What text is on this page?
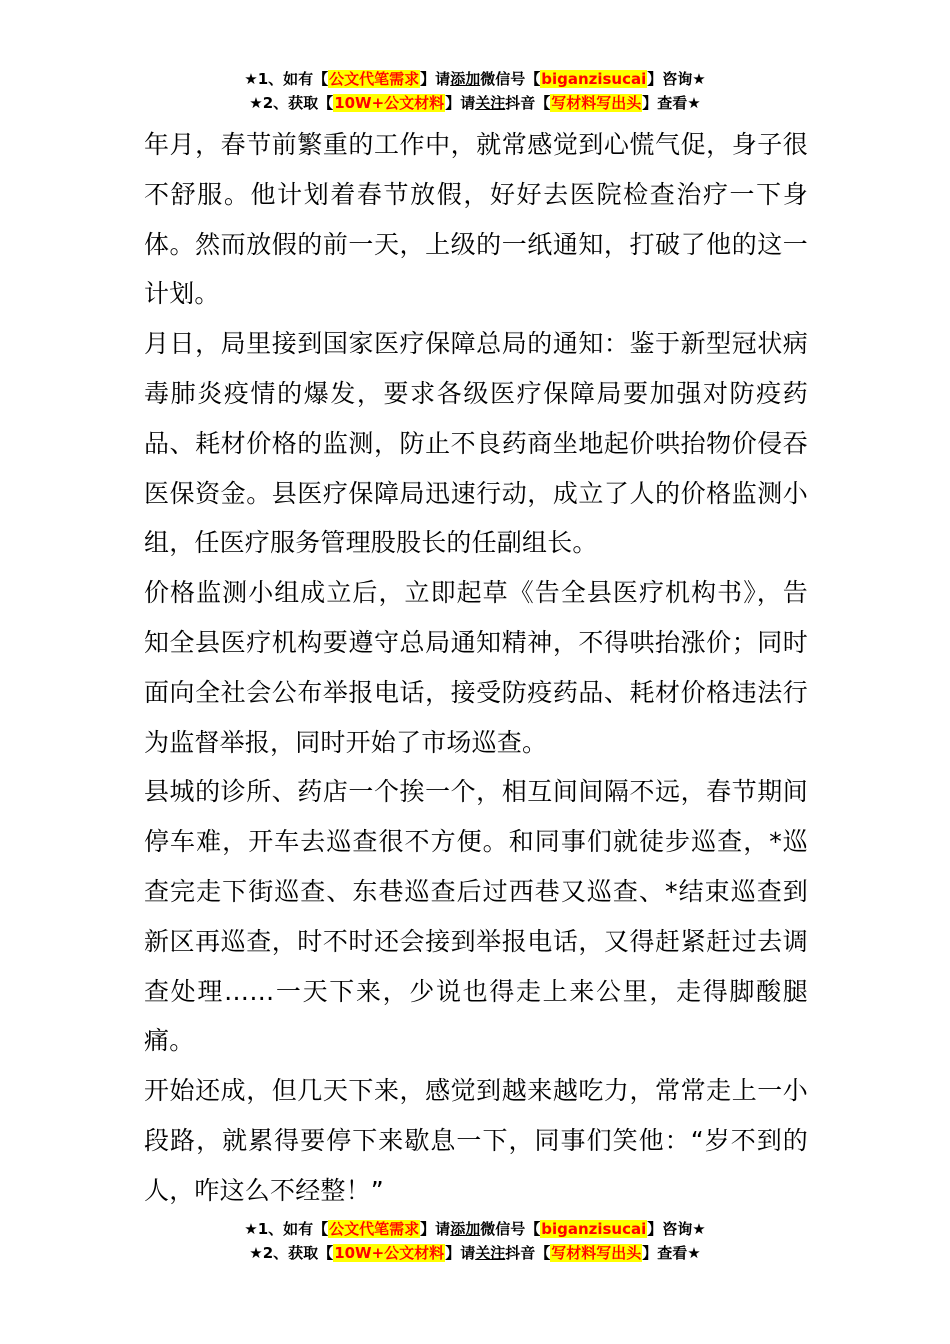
★1、如有【公文代笔需求】请添加微信号【biganzisucai】咨询★
★2、获取【10W+公文材料】请关注抖音【写材料写出头】查看★

年月，春节前繁重的工作中，就常感觉到心慌气促，身子很不舒服。他计划着春节放假，好好去医院检查治疗一下身体。然而放假的前一天，上级的一纸通知，打破了他的这一计划。

月日，局里接到国家医疗保障总局的通知：鉴于新型冠状病毒肺炎疫情的爆发，要求各级医疗保障局要加强对防疫药品、耗材价格的监测，防止不良药商坐地起价哄抬物价侵吞医保资金。县医疗保障局迅速行动，成立了人的价格监测小组，任医疗服务管理股股长的任副组长。

价格监测小组成立后，立即起草《告全县医疗机构书》，告知全县医疗机构要遵守总局通知精神，不得哄抬涨价；同时面向全社会公布举报电话，接受防疫药品、耗材价格违法行为监督举报，同时开始了市场巡查。

县城的诊所、药店一个挨一个，相互间间隔不远，春节期间停车难，开车去巡查很不方便。和同事们就徒步巡查，*巡查完走下街巡查、东巷巡查后过西巷又巡查、*结束巡查到新区再巡查，时不时还会接到举报电话，又得赶紧赶过去调查处理……一天下来，少说也得走上来公里，走得脚酸腿痛。

开始还成，但几天下来，感觉到越来越吃力，常常走上一小段路，就累得要停下来歇息一下，同事们笑他：“岁不到的人，咋这么不经整！”

★1、如有【公文代笔需求】请添加微信号【biganzisucai】咨询★
★2、获取【10W+公文材料】请关注抖音【写材料写出头】查看★
